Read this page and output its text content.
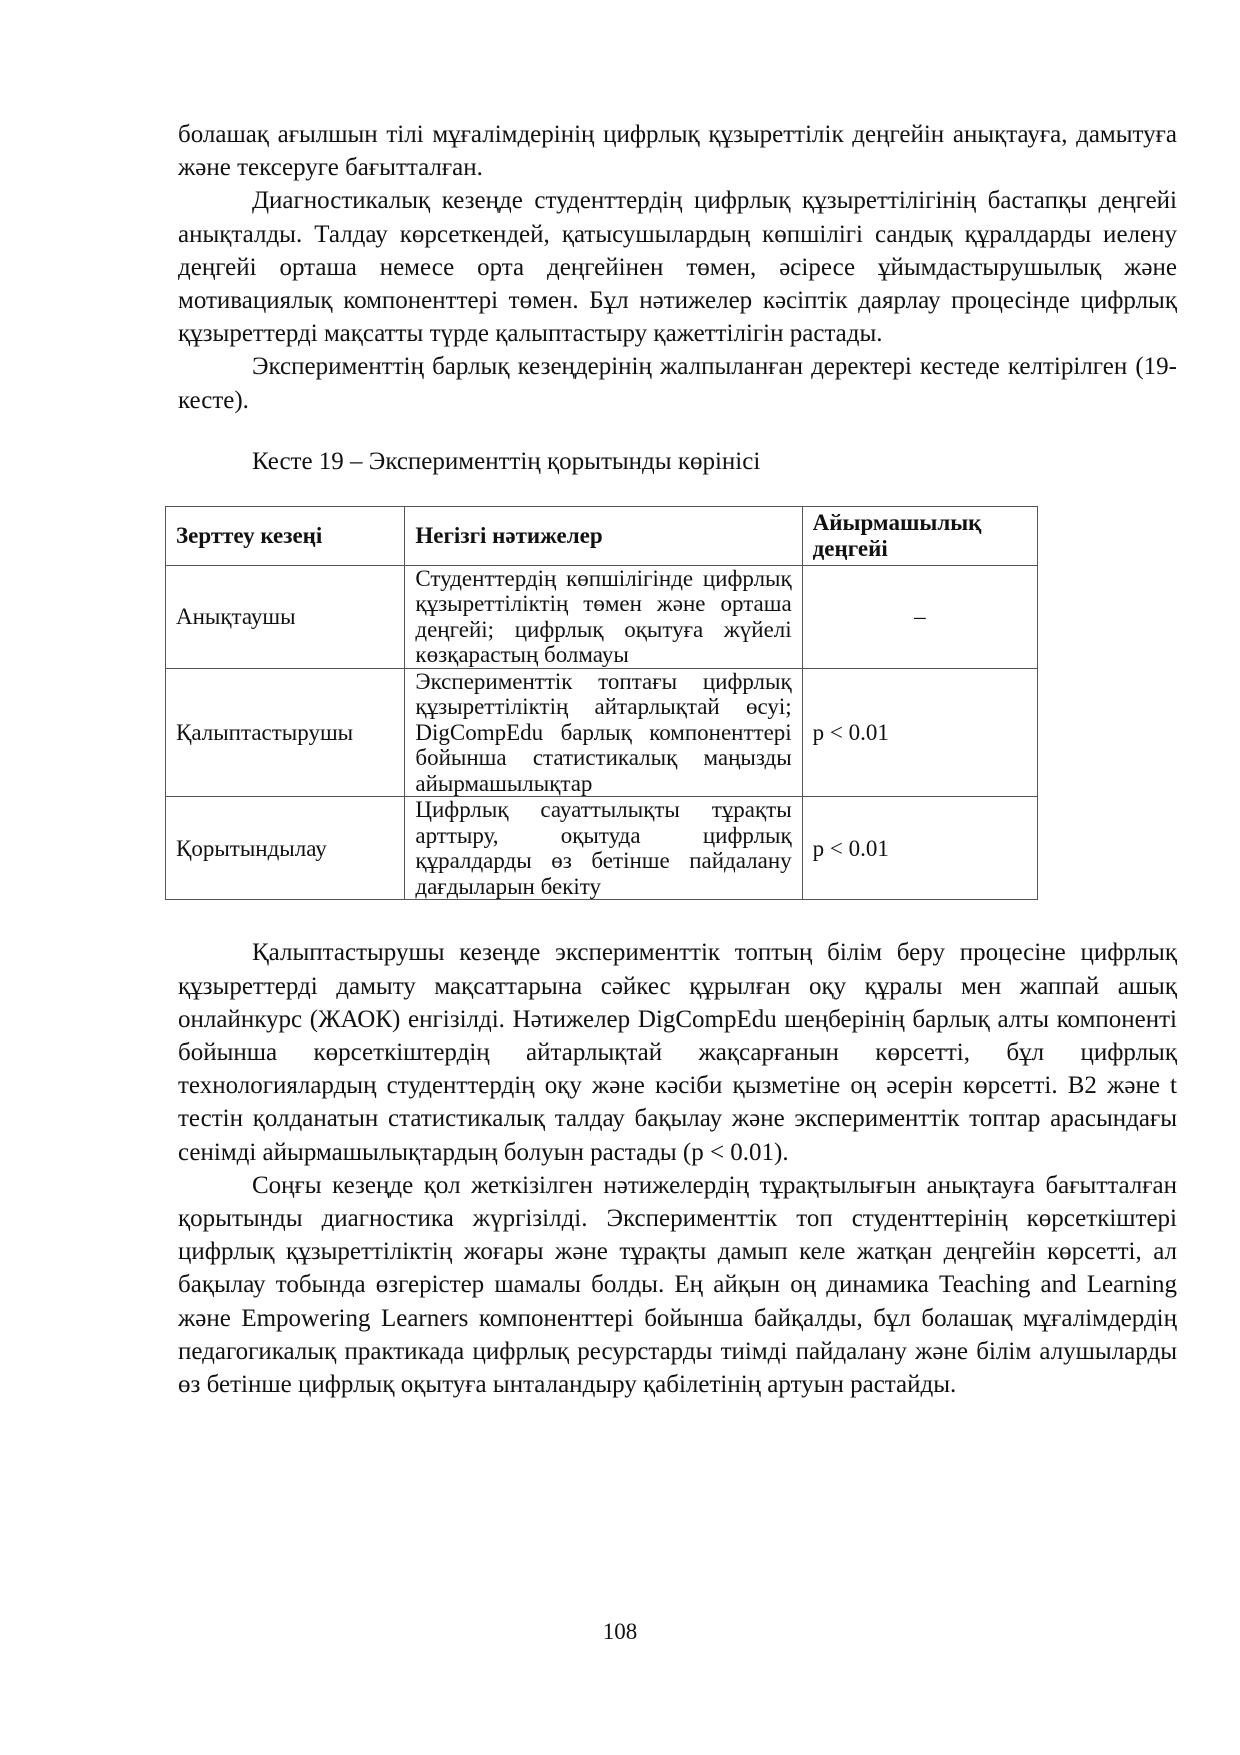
болашақ ағылшын тілі мұғалімдерінің цифрлық құзыреттілік деңгейін анықтауға, дамытуға және тексеруге бағытталған.

Диагностикалық кезеңде студенттердің цифрлық құзыреттілігінің бастапқы деңгейі анықталды. Талдау көрсеткендей, қатысушылардың көпшілігі сандық құралдарды иелену деңгейі орташа немесе орта деңгейінен төмен, әсіресе ұйымдастырушылық және мотивациялық компоненттері төмен. Бұл нәтижелер кәсіптік даярлау процесінде цифрлық құзыреттерді мақсатты түрде қалыптастыру қажеттілігін растады.

Эксперименттің барлық кезеңдерінің жалпыланған деректері кестеде келтірілген (19- кесте).

Кесте 19 – Эксперименттің қорытынды көрінісі
Зерттеу кезеңі	Негізгі нәтижелер	Айырмашылық деңгейі
Анықтаушы	Студенттердің көпшілігінде цифрлық құзыреттіліктің төмен және орташа деңгейі; цифрлық оқытуға жүйелі көзқарастың болмауы	–
Қалыптастырушы	Эксперименттік топтағы цифрлық құзыреттіліктің айтарлықтай өсуі; DigCompEdu барлық компоненттері бойынша статистикалық маңызды айырмашылықтар	p < 0.01
Қорытындылау	Цифрлық сауаттылықты тұрақты арттыру, оқытуда цифрлық құралдарды өз бетінше пайдалану дағдыларын бекіту	p < 0.01

Қалыптастырушы кезеңде эксперименттік топтың білім беру процесіне цифрлық құзыреттерді дамыту мақсаттарына сәйкес құрылған оқу құралы мен жаппай ашық онлайнкурс (ЖАОК) енгізілді. Нәтижелер DigCompEdu шеңберінің барлық алты компоненті бойынша көрсеткіштердің айтарлықтай жақсарғанын көрсетті, бұл цифрлық технологиялардың студенттердің оқу және кәсіби қызметіне оң әсерін көрсетті. B2 және t тестін қолданатын статистикалық талдау бақылау және эксперименттік топтар арасындағы сенімді айырмашылықтардың болуын растады (p < 0.01).

Соңғы кезеңде қол жеткізілген нәтижелердің тұрақтылығын анықтауға бағытталған қорытынды диагностика жүргізілді. Эксперименттік топ студенттерінің көрсеткіштері цифрлық құзыреттіліктің жоғары және тұрақты дамып келе жатқан деңгейін көрсетті, ал бақылау тобында өзгерістер шамалы болды. Ең айқын оң динамика Teaching and Learning және Empowering Learners компоненттері бойынша байқалды, бұл болашақ мұғалімдердің педагогикалық практикада цифрлық ресурстарды тиімді пайдалану және білім алушыларды өз бетінше цифрлық оқытуға ынталандыру қабілетінің артуын растайды.

108
